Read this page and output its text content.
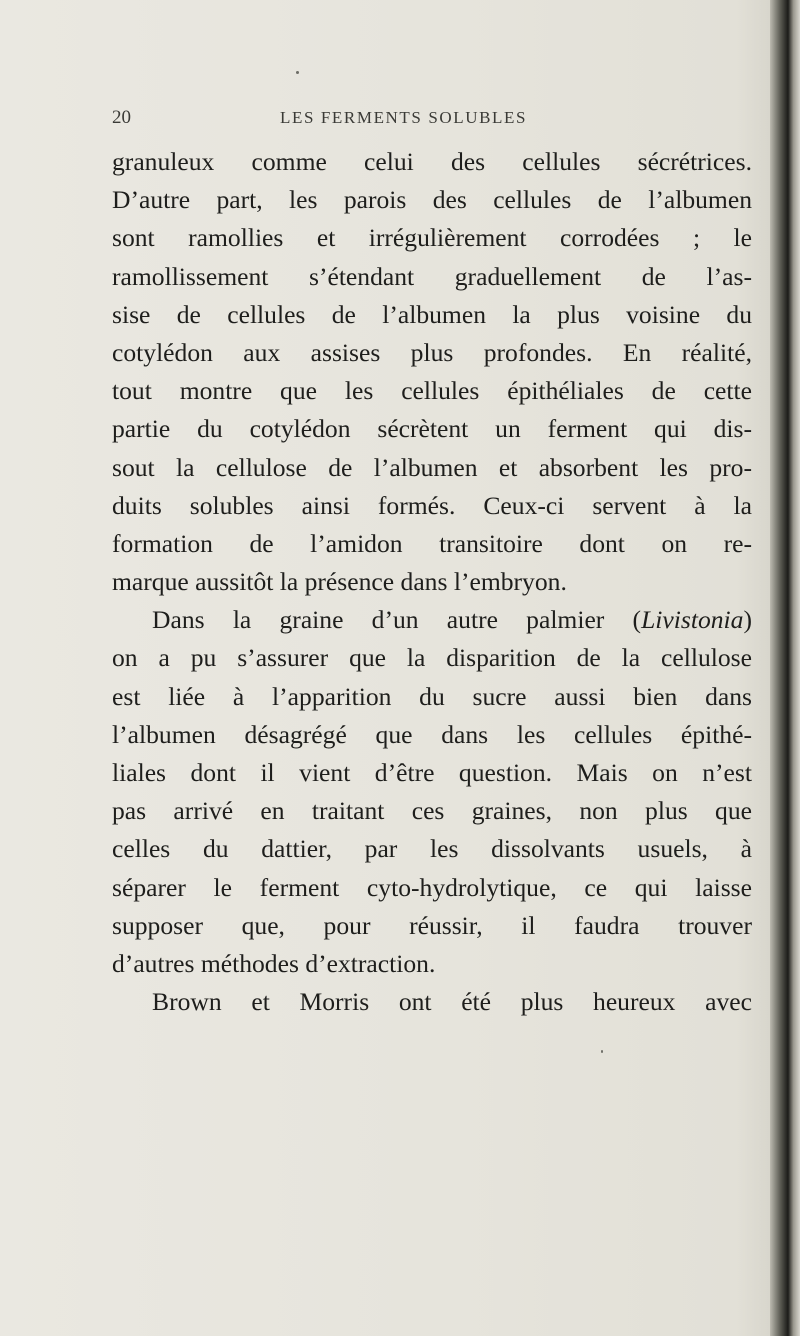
20	LES FERMENTS SOLUBLES
granuleux comme celui des cellules sécrétrices.
D’autre part, les parois des cellules de l’albumen
sont ramollies et irrégulièrement corrodées ; le
ramollissement s’étendant graduellement de l’as-
sise de cellules de l’albumen la plus voisine du
cotylédon aux assises plus profondes. En réalité,
tout montre que les cellules épithéliales de cette
partie du cotylédon sécrètent un ferment qui dis-
sout la cellulose de l’albumen et absorbent les pro-
duits solubles ainsi formés. Ceux-ci servent à la
formation de l’amidon transitoire dont on re-
marque aussitôt la présence dans l’embryon.
Dans la graine d’un autre palmier (Livistonia)
on a pu s’assurer que la disparition de la cellulose
est liée à l’apparition du sucre aussi bien dans
l’albumen désagrégé que dans les cellules épithé-
liales dont il vient d’être question. Mais on n’est
pas arrivé en traitant ces graines, non plus que
celles du dattier, par les dissolvants usuels, à
séparer le ferment cyto-hydrolytique, ce qui laisse
supposer que, pour réussir, il faudra trouver
d’autres méthodes d’extraction.
Brown et Morris ont été plus heureux avec
